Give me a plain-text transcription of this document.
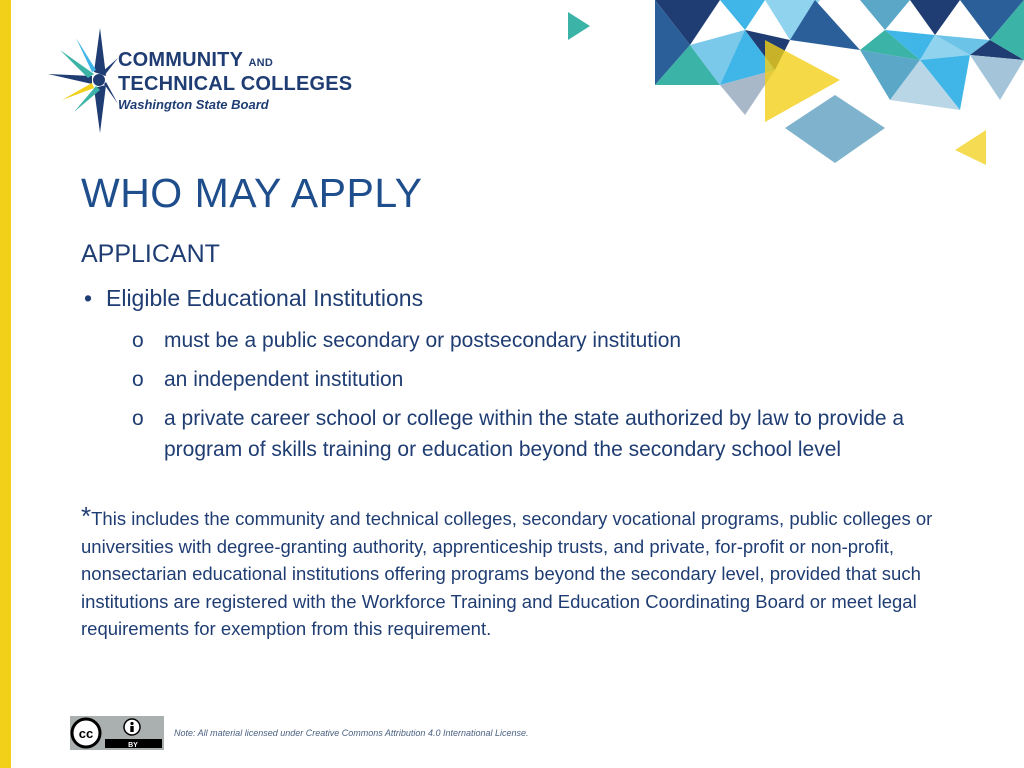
COMMUNITY AND
TECHNICAL COLLEGES
Washington State Board
WHO MAY APPLY
APPLICANT
• Eligible Educational Institutions
o must be a public secondary or postsecondary institution
o an independent institution
o a private career school or college within the state authorized by law to provide a program of skills training or education beyond the secondary school level
*This includes the community and technical colleges, secondary vocational programs, public colleges or universities with degree-granting authority, apprenticeship trusts, and private, for-profit or non-profit, nonsectarian educational institutions offering programs beyond the secondary level, provided that such institutions are registered with the Workforce Training and Education Coordinating Board or meet legal requirements for exemption from this requirement.
cc
BY
Note: All material licensed under Creative Commons Attribution 4.0 International License.
